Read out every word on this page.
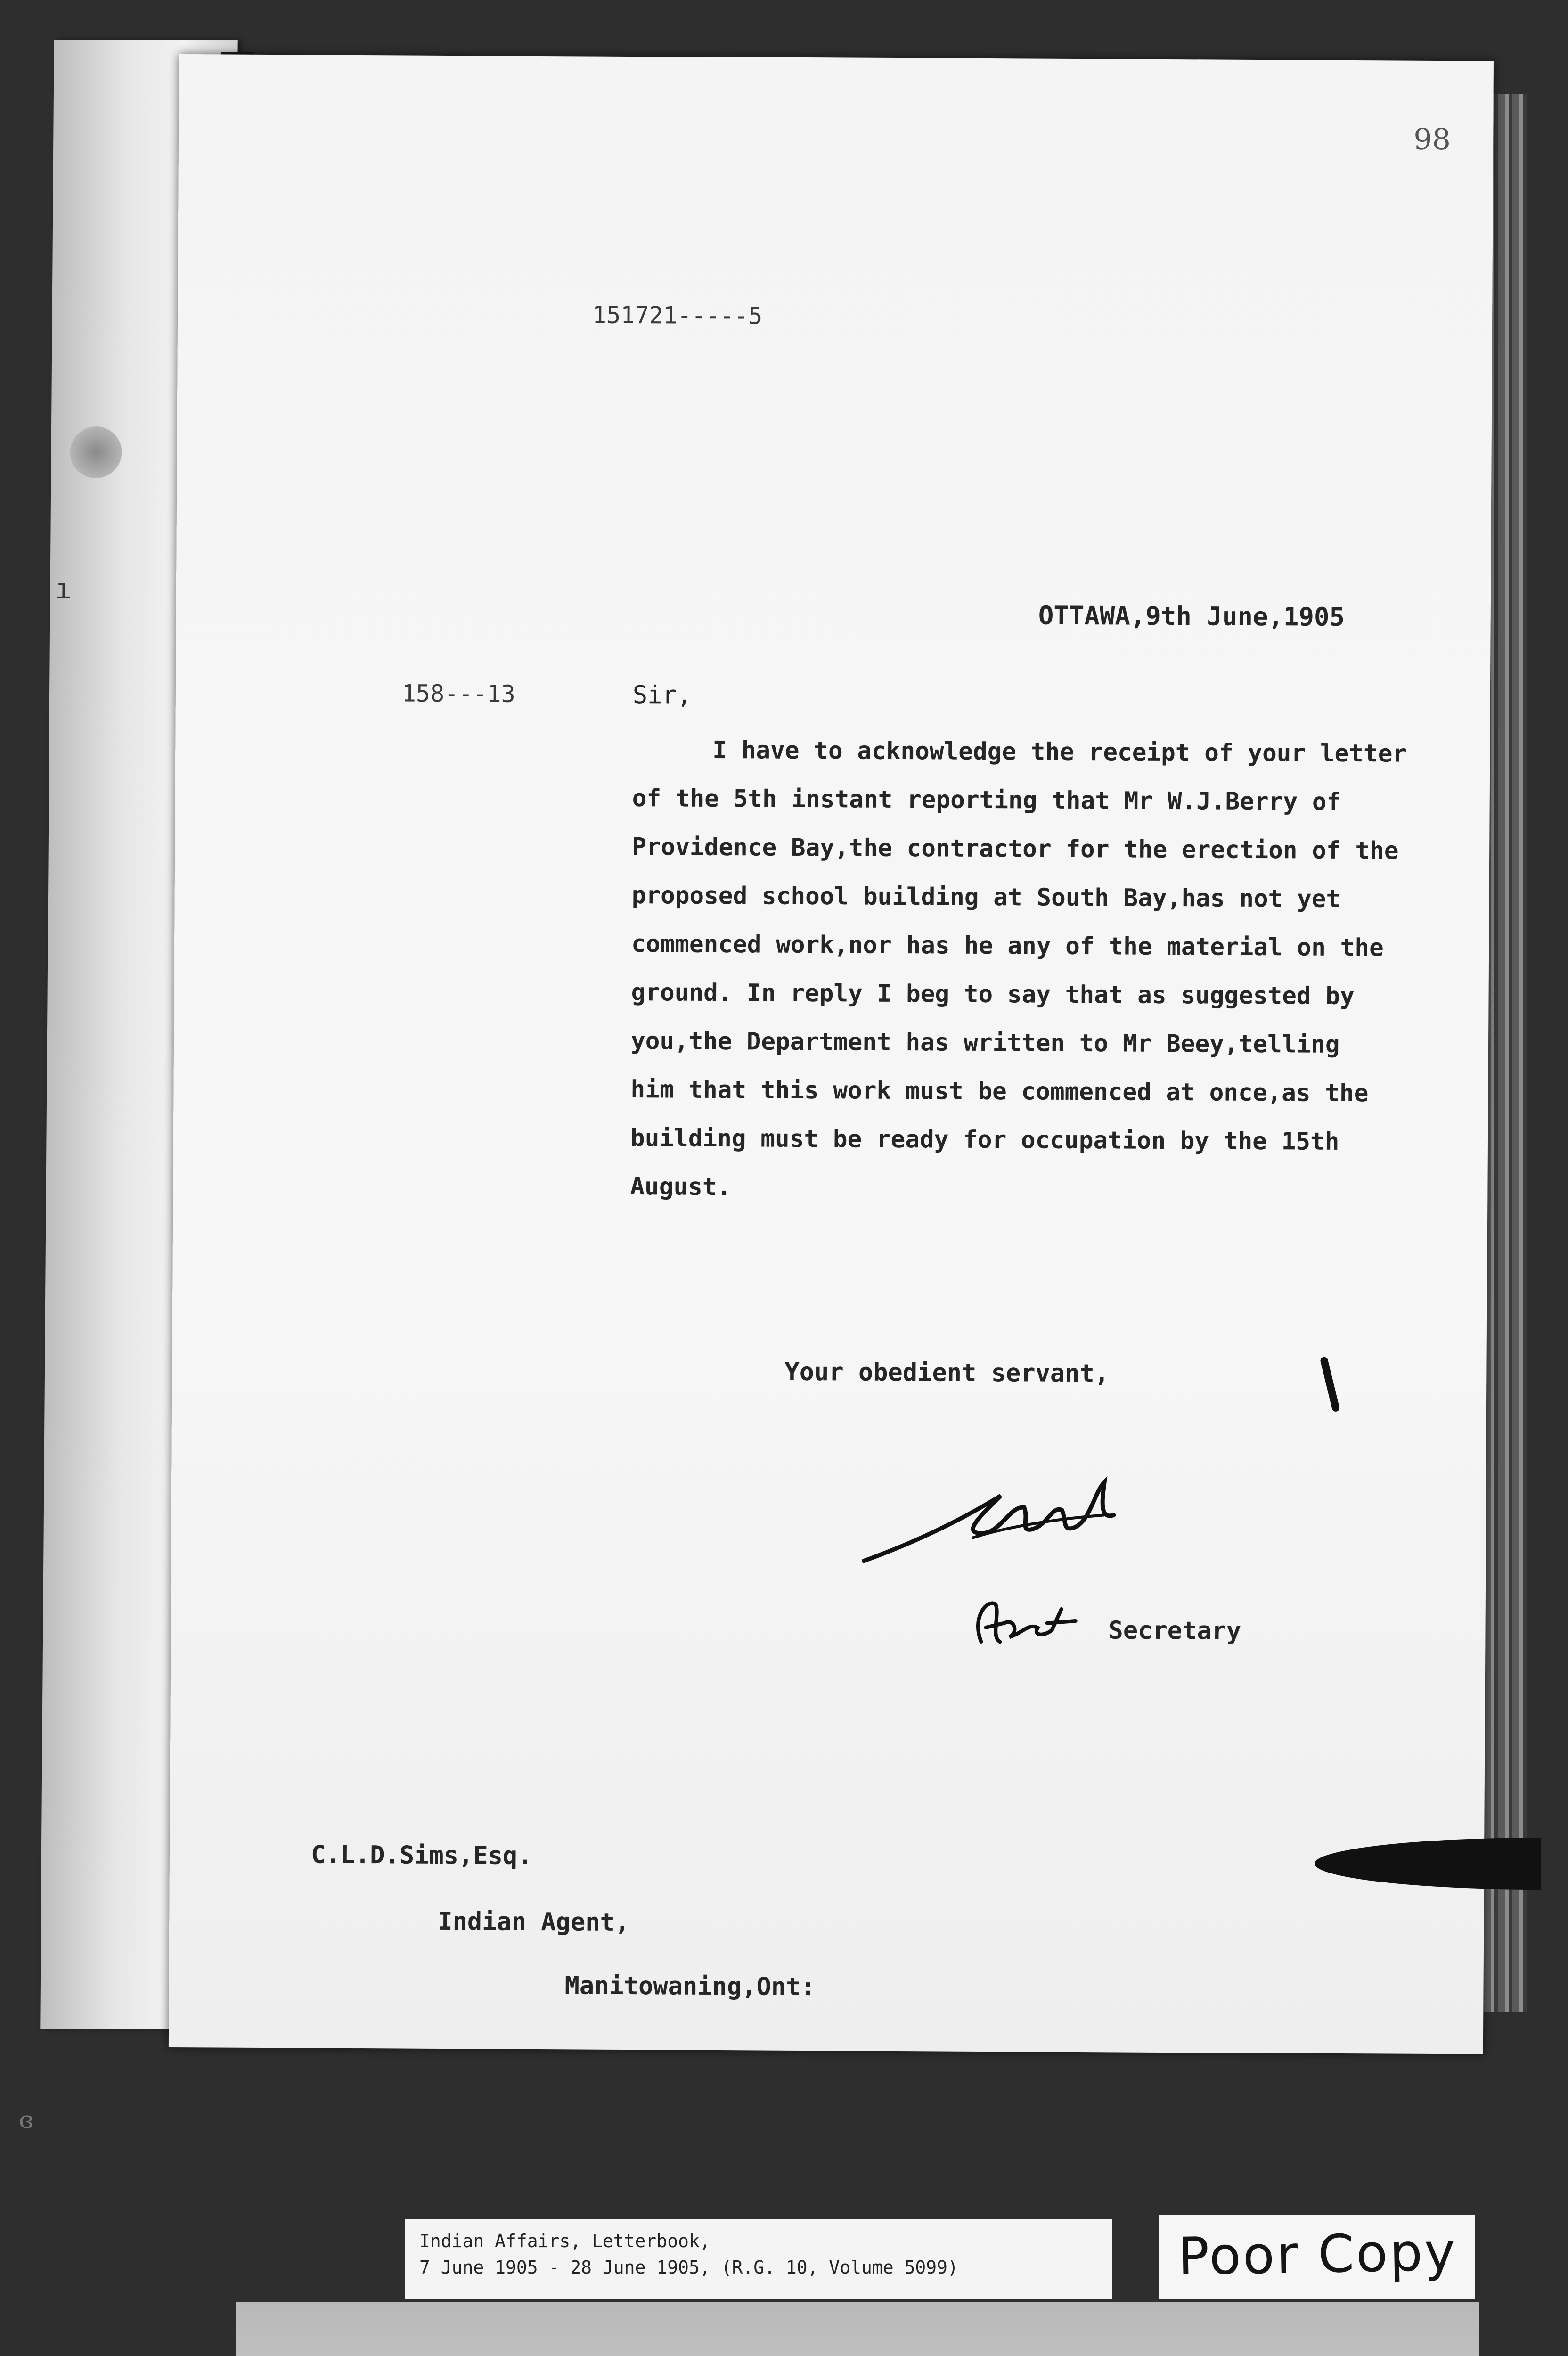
ı
98
151721-----5
OTTAWA,9th June,1905
158---13	Sir,
I have to acknowledge the receipt of your letter
of the 5th instant reporting that Mr W.J.Berry of
Providence Bay,the contractor for the erection of the
proposed school building at South Bay,has not yet
commenced work,nor has he any of the material on the
ground. In reply I beg to say that as suggested by
you,the Department has written to Mr Beey,telling
him that this work must be commenced at once,as the
building must be ready for occupation by the 15th
August.
Your obedient servant,
Secretary
C.L.D.Sims,Esq.
Indian Agent,
Manitowaning,Ont:
ɞ
Indian Affairs, Letterbook,
7 June 1905 - 28 June 1905, (R.G. 10, Volume 5099)	Poor Copy
